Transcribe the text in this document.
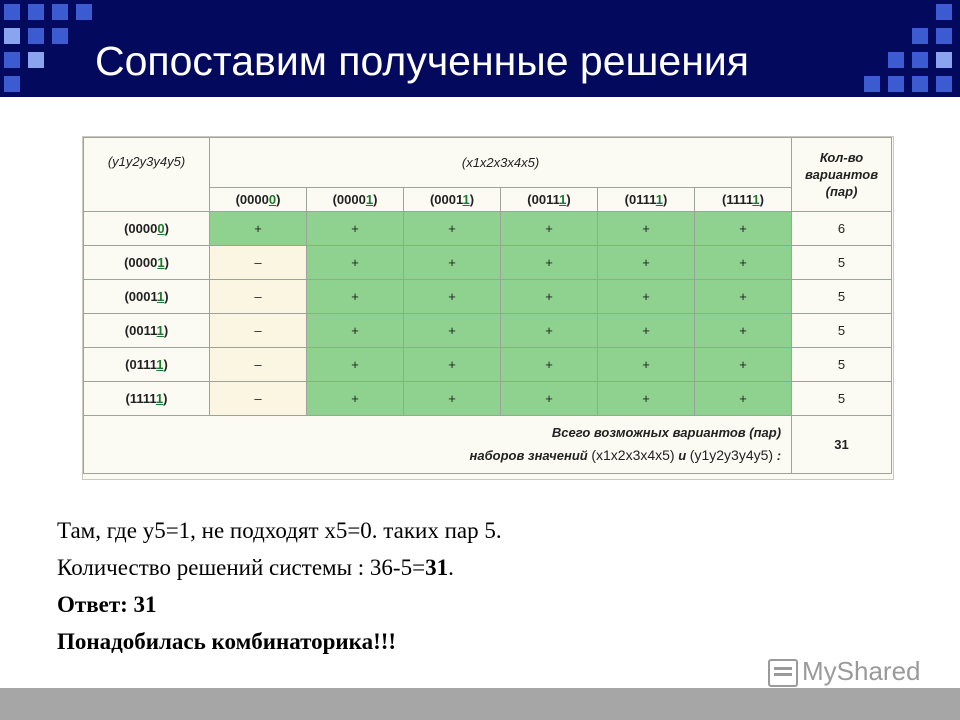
Сопоставим полученные решения
(y1y2y3y4y5)	(x1x2x3x4x5)						Кол-во
вариантов
(пар)

	(00000)	(00001)	(00011)	(00111)	(01111)	(11111)	
(00000)	+	+	+	+	+	+	6
(00001)	–	+	+	+	+	+	5
(00011)	–	+	+	+	+	+	5
(00111)	–	+	+	+	+	+	5
(01111)	–	+	+	+	+	+	5
(11111)	–	+	+	+	+	+	5

Всего возможных вариантов (пар)
наборов значений (x1x2x3x4x5) и (y1y2y3y4y5) :							31
Там, где y5=1, не подходят x5=0. таких пар 5.
Количество решений системы : 36-5=31.
Ответ: 31
Понадобилась комбинаторика!!!
MyShared
